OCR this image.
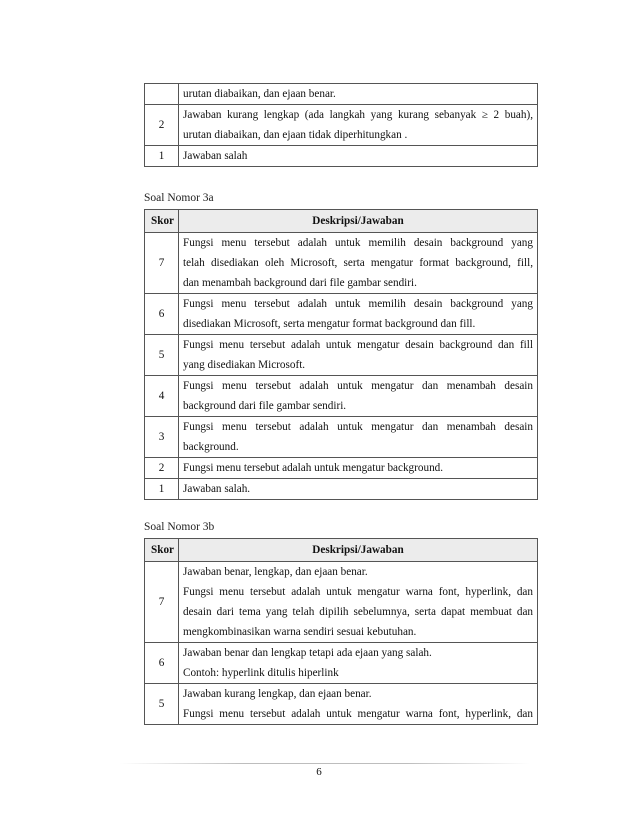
	urutan diabaikan, dan ejaan benar.

2	Jawaban kurang lengkap (ada langkah yang kurang sebanyak ≥ 2 buah),
urutan diabaikan, dan ejaan tidak diperhitungkan .

1	Jawaban salah
Soal Nomor 3a
Skor	Deskripsi/Jawaban
7	Fungsi menu tersebut adalah untuk memilih desain background yang
telah disediakan oleh Microsoft, serta mengatur format background, fill,
dan menambah background dari file gambar sendiri.

6	Fungsi menu tersebut adalah untuk memilih desain background yang
disediakan Microsoft, serta mengatur format background dan fill.

5	Fungsi menu tersebut adalah untuk mengatur desain background dan fill
yang disediakan Microsoft.

4	Fungsi menu tersebut adalah untuk mengatur dan menambah desain
background dari file gambar sendiri.

3	Fungsi menu tersebut adalah untuk mengatur dan menambah desain
background.

2	Fungsi menu tersebut adalah untuk mengatur background.

1	Jawaban salah.
Soal Nomor 3b
Skor	Deskripsi/Jawaban
7	Jawaban benar, lengkap, dan ejaan benar.
Fungsi menu tersebut adalah untuk mengatur warna font, hyperlink, dan
desain dari tema yang telah dipilih sebelumnya, serta dapat membuat dan
mengkombinasikan warna sendiri sesuai kebutuhan.

6	Jawaban benar dan lengkap tetapi ada ejaan yang salah.
Contoh: hyperlink ditulis hiperlink

5	Jawaban kurang lengkap, dan ejaan benar.
Fungsi menu tersebut adalah untuk mengatur warna font, hyperlink, dan
6
